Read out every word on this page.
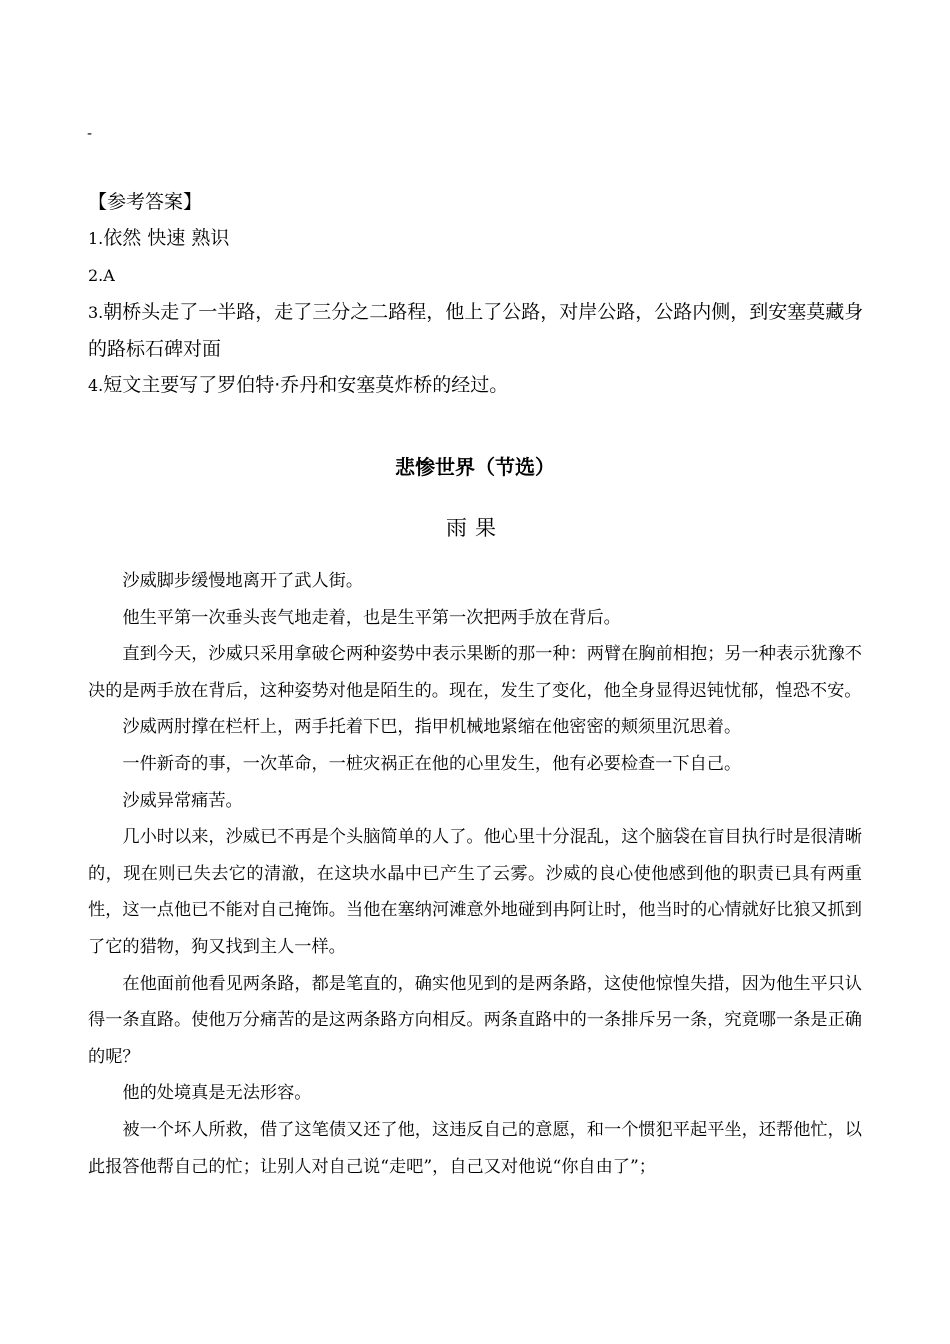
-
【参考答案】
1.依然 快速 熟识
2.A
3.朝桥头走了一半路，走了三分之二路程，他上了公路，对岸公路，公路内侧，到安塞莫藏身的路标石碑对面
4.短文主要写了罗伯特·乔丹和安塞莫炸桥的经过。
悲惨世界（节选）
雨果

沙威脚步缓慢地离开了武人街。

他生平第一次垂头丧气地走着，也是生平第一次把两手放在背后。

直到今天，沙威只采用拿破仑两种姿势中表示果断的那一种：两臂在胸前相抱；另一种表示犹豫不决的是两手放在背后，这种姿势对他是陌生的。现在，发生了变化，他全身显得迟钝忧郁，惶恐不安。

沙威两肘撑在栏杆上，两手托着下巴，指甲机械地紧缩在他密密的颊须里沉思着。

一件新奇的事，一次革命，一桩灾祸正在他的心里发生，他有必要检查一下自己。

沙威异常痛苦。

几小时以来，沙威已不再是个头脑简单的人了。他心里十分混乱，这个脑袋在盲目执行时是很清晰的，现在则已失去它的清澈，在这块水晶中已产生了云雾。沙威的良心使他感到他的职责已具有两重性，这一点他已不能对自己掩饰。当他在塞纳河滩意外地碰到冉阿让时，他当时的心情就好比狼又抓到了它的猎物，狗又找到主人一样。

在他面前他看见两条路，都是笔直的，确实他见到的是两条路，这使他惊惶失措，因为他生平只认得一条直路。使他万分痛苦的是这两条路方向相反。两条直路中的一条排斥另一条，究竟哪一条是正确的呢？

他的处境真是无法形容。

被一个坏人所救，借了这笔债又还了他，这违反自己的意愿，和一个惯犯平起平坐，还帮他忙，以此报答他帮自己的忙；让别人对自己说“走吧”，自己又对他说“你自由了”；
